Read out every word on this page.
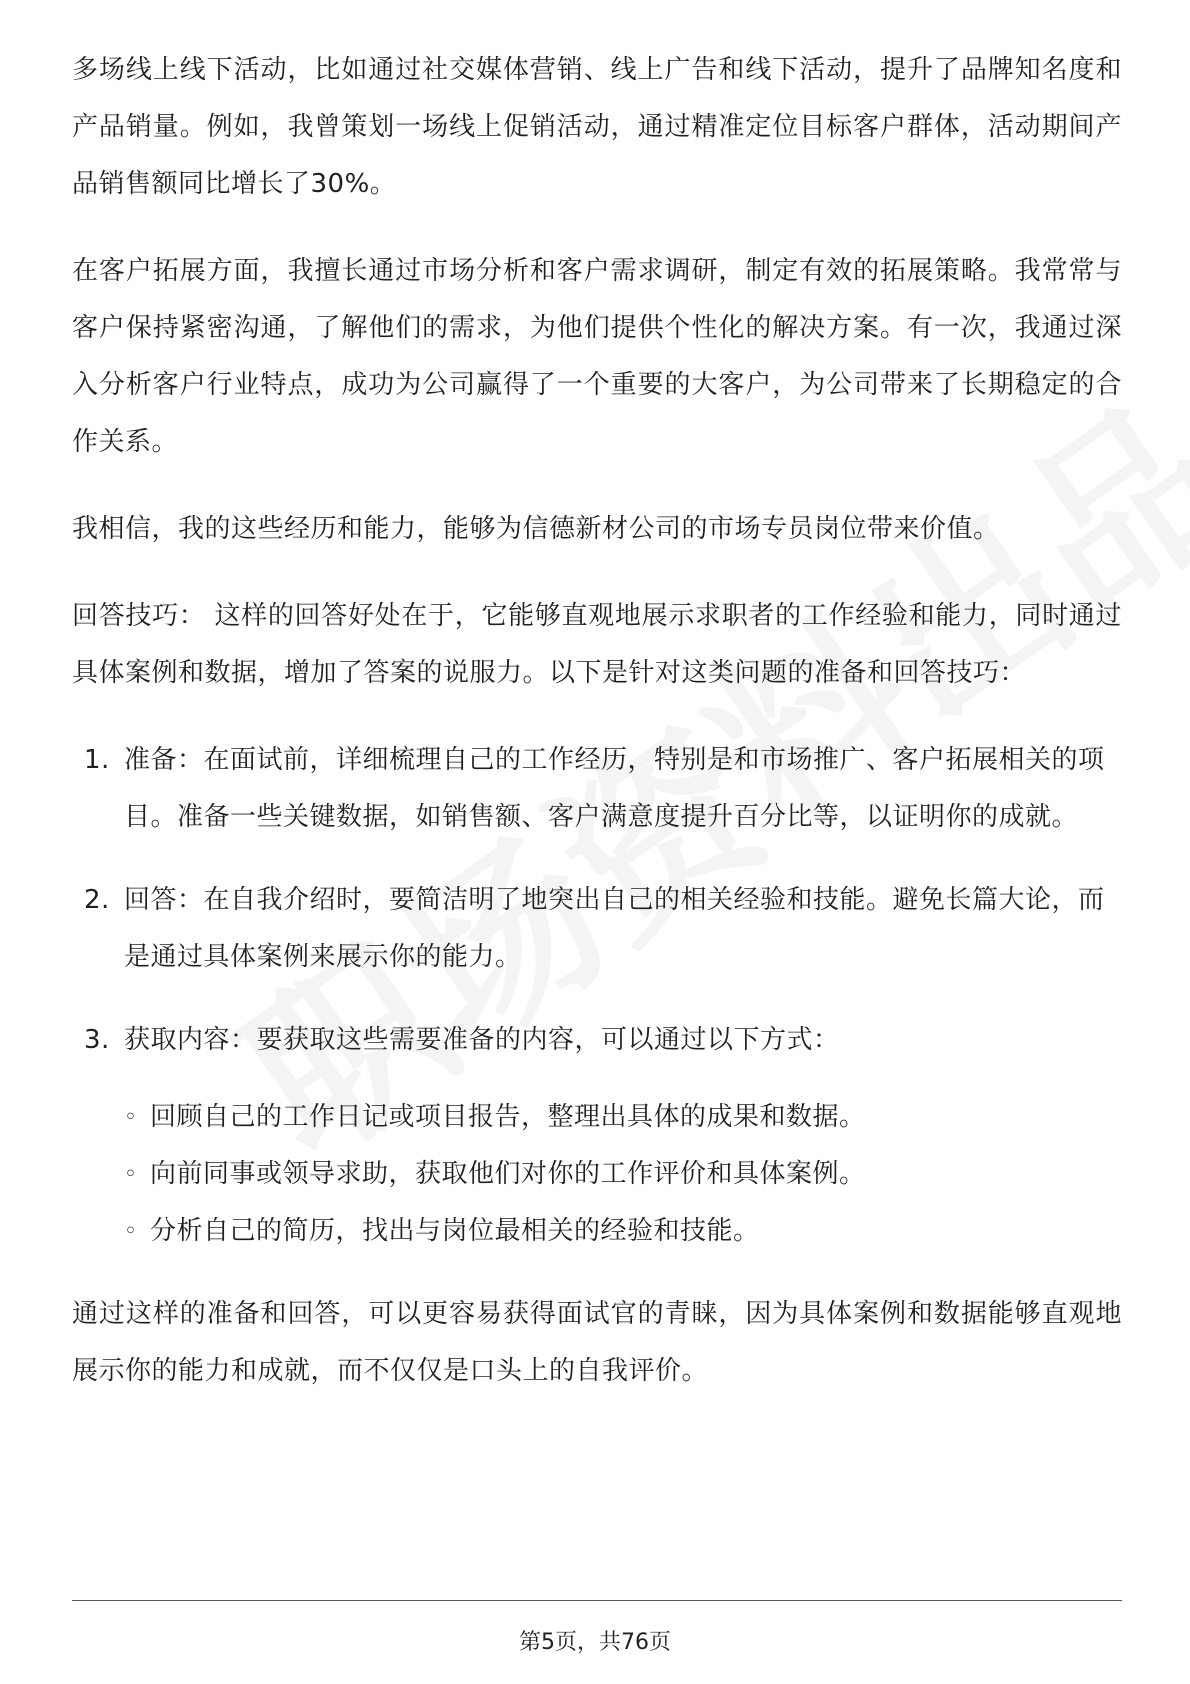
多场线上线下活动，比如通过社交媒体营销、线上广告和线下活动，提升了品牌知名度和产品销量。例如，我曾策划一场线上促销活动，通过精准定位目标客户群体，活动期间产品销售额同比增长了30%。

在客户拓展方面，我擅长通过市场分析和客户需求调研，制定有效的拓展策略。我常常与客户保持紧密沟通，了解他们的需求，为他们提供个性化的解决方案。有一次，我通过深入分析客户行业特点，成功为公司赢得了一个重要的大客户，为公司带来了长期稳定的合作关系。

我相信，我的这些经历和能力，能够为信德新材公司的市场专员岗位带来价值。

回答技巧： 这样的回答好处在于，它能够直观地展示求职者的工作经验和能力，同时通过具体案例和数据，增加了答案的说服力。以下是针对这类问题的准备和回答技巧：

1. 准备：在面试前，详细梳理自己的工作经历，特别是和市场推广、客户拓展相关的项目。准备一些关键数据，如销售额、客户满意度提升百分比等，以证明你的成就。
2. 回答：在自我介绍时，要简洁明了地突出自己的相关经验和技能。避免长篇大论，而是通过具体案例来展示你的能力。
3. 获取内容：要获取这些需要准备的内容，可以通过以下方式：
◦ 回顾自己的工作日记或项目报告，整理出具体的成果和数据。
◦ 向前同事或领导求助，获取他们对你的工作评价和具体案例。
◦ 分析自己的简历，找出与岗位最相关的经验和技能。

通过这样的准备和回答，可以更容易获得面试官的青睐，因为具体案例和数据能够直观地展示你的能力和成就，而不仅仅是口头上的自我评价。

第5页，共76页
